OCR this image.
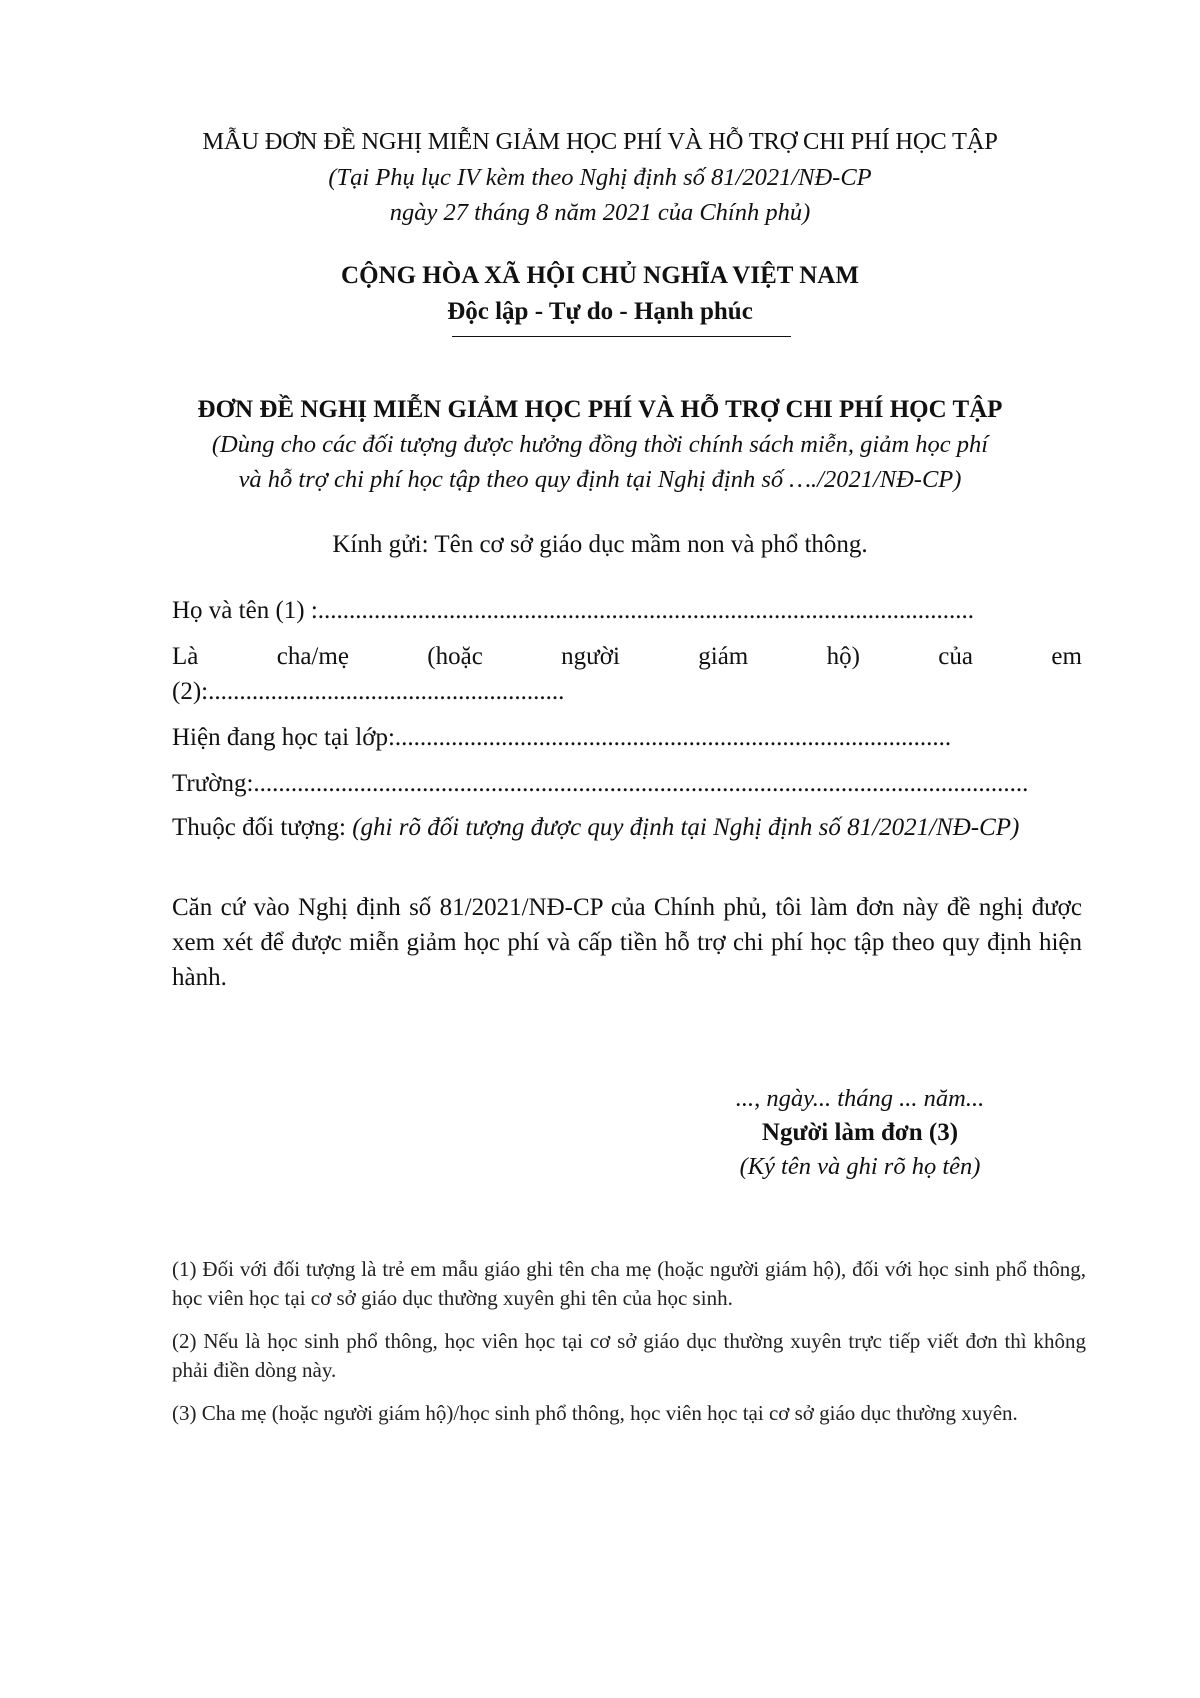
MẪU ĐƠN ĐỀ NGHỊ MIỄN GIẢM HỌC PHÍ VÀ HỖ TRỢ CHI PHÍ HỌC TẬP

(Tại Phụ lục IV kèm theo Nghị định số 81/2021/NĐ-CP

ngày 27 tháng 8 năm 2021 của Chính phủ)

CỘNG HÒA XÃ HỘI CHỦ NGHĨA VIỆT NAM

Độc lập - Tự do - Hạnh phúc

ĐƠN ĐỀ NGHỊ MIỄN GIẢM HỌC PHÍ VÀ HỖ TRỢ CHI PHÍ HỌC TẬP

(Dùng cho các đối tượng được hưởng đồng thời chính sách miễn, giảm học phí

và hỗ trợ chi phí học tập theo quy định tại Nghị định số …./2021/NĐ-CP)

Kính gửi: Tên cơ sở giáo dục mầm non và phổ thông.

Họ và tên (1) :.........................................................................................................

Là	cha/mẹ	(hoặc	người	giám	hộ)	của	em

(2):.........................................................

Hiện đang học tại lớp:.........................................................................................

Trường:............................................................................................................................

Thuộc đối tượng: (ghi rõ đối tượng được quy định tại Nghị định số 81/2021/NĐ-CP)

Căn cứ vào Nghị định số 81/2021/NĐ-CP của Chính phủ, tôi làm đơn này đề nghị được xem xét để được miễn giảm học phí và cấp tiền hỗ trợ chi phí học tập theo quy định hiện hành.

..., ngày... tháng ... năm...

Người làm đơn (3)

(Ký tên và ghi rõ họ tên)

(1) Đối với đối tượng là trẻ em mẫu giáo ghi tên cha mẹ (hoặc người giám hộ), đối với học sinh phổ thông, học viên học tại cơ sở giáo dục thường xuyên ghi tên của học sinh.

(2) Nếu là học sinh phổ thông, học viên học tại cơ sở giáo dục thường xuyên trực tiếp viết đơn thì không phải điền dòng này.

(3) Cha mẹ (hoặc người giám hộ)/học sinh phổ thông, học viên học tại cơ sở giáo dục thường xuyên.
